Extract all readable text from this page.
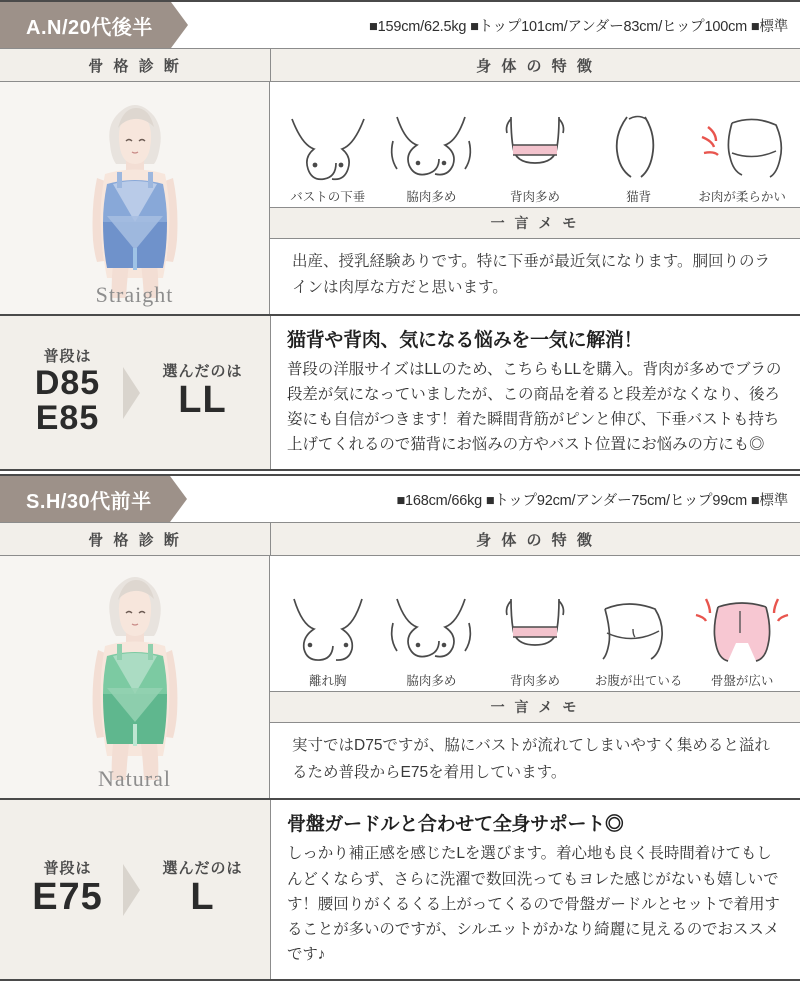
A.N/20代後半	■159cm/62.5kg ■トップ101cm/アンダー83cm/ヒップ100cm ■標準
骨 格 診 断	身 体 の 特 徴
Straight
バストの下垂	脇肉多め	背肉多め	猫背	お肉が柔らかい
一 言 メ モ
出産、授乳経験ありです。特に下垂が最近気になります。胴回りのラインは肉厚な方だと思います。
普段は
D85
E85
選んだのは
LL
猫背や背肉、気になる悩みを一気に解消！
普段の洋服サイズはLLのため、こちらもLLを購入。背肉が多めでブラの段差が気になっていましたが、この商品を着ると段差がなくなり、後ろ姿にも自信がつきます！着た瞬間背筋がピンと伸び、下垂バストも持ち上げてくれるので猫背にお悩みの方やバスト位置にお悩みの方にも◎
S.H/30代前半	■168cm/66kg ■トップ92cm/アンダー75cm/ヒップ99cm ■標準
骨 格 診 断	身 体 の 特 徴
Natural
離れ胸	脇肉多め	背肉多め	お腹が出ている 骨盤が広い
一 言 メ モ
実寸ではD75ですが、脇にバストが流れてしまいやすく集めると溢れるため普段からE75を着用しています。
普段は
E75
選んだのは
L
骨盤ガードルと合わせて全身サポート◎
しっかり補正感を感じたLを選びます。着心地も良く長時間着けてもしんどくならず、さらに洗濯で数回洗ってもヨレた感じがないも嬉しいです！腰回りがくるくる上がってくるので骨盤ガードルとセットで着用することが多いのですが、シルエットがかなり綺麗に見えるのでおススメです♪
